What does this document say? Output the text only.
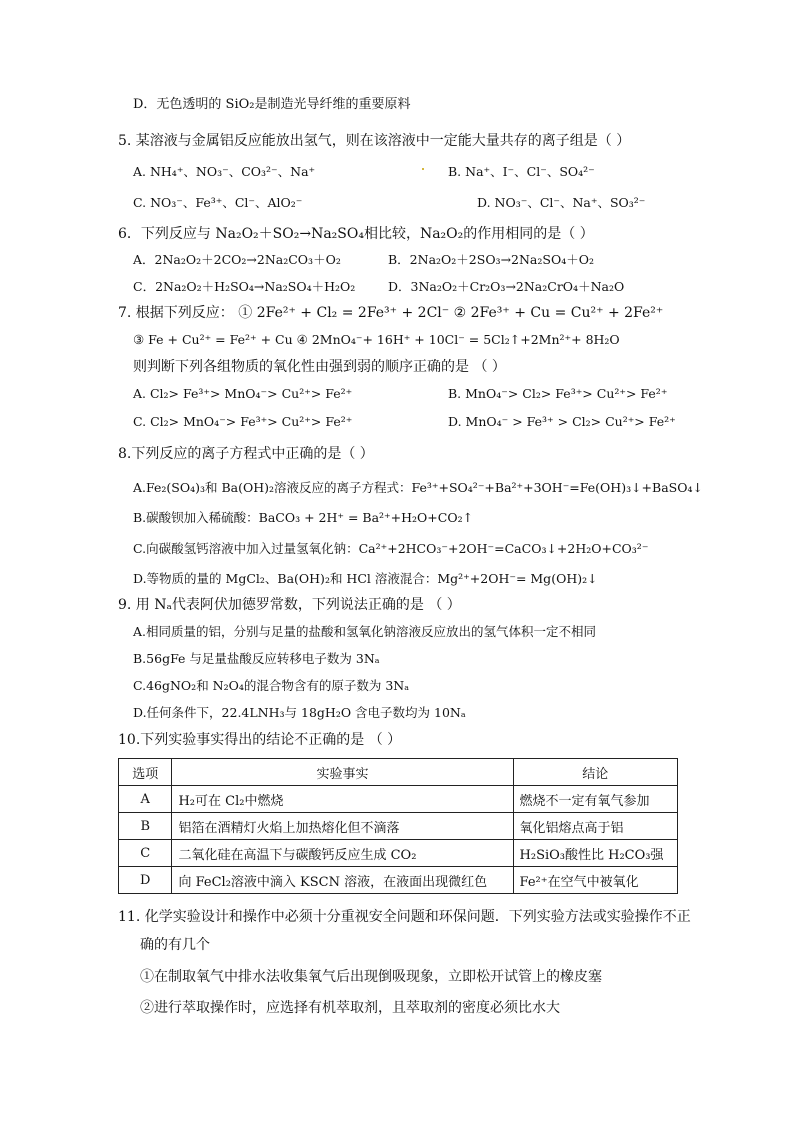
D．无色透明的 SiO₂是制造光导纤维的重要原料
5. 某溶液与金属铝反应能放出氢气，则在该溶液中一定能大量共存的离子组是（ ）
A. NH₄⁺、NO₃⁻、CO₃²⁻、Na⁺	B. Na⁺、I⁻、Cl⁻、SO₄²⁻
C. NO₃⁻、Fe³⁺、Cl⁻、AlO₂⁻	D. NO₃⁻、Cl⁻、Na⁺、SO₃²⁻
6．下列反应与 Na₂O₂＋SO₂→Na₂SO₄相比较，Na₂O₂的作用相同的是（ ）
A．2Na₂O₂＋2CO₂→2Na₂CO₃＋O₂	B．2Na₂O₂＋2SO₃→2Na₂SO₄＋O₂
C．2Na₂O₂＋H₂SO₄→Na₂SO₄＋H₂O₂	D．3Na₂O₂＋Cr₂O₃→2Na₂CrO₄＋Na₂O
7. 根据下列反应： ① 2Fe²⁺ + Cl₂ = 2Fe³⁺ + 2Cl⁻ ② 2Fe³⁺ + Cu = Cu²⁺ + 2Fe²⁺
③ Fe + Cu²⁺ = Fe²⁺ + Cu ④ 2MnO₄⁻+ 16H⁺ + 10Cl⁻ = 5Cl₂↑+2Mn²⁺+ 8H₂O
则判断下列各组物质的氧化性由强到弱的顺序正确的是 （ ）
A. Cl₂> Fe³⁺> MnO₄⁻> Cu²⁺> Fe²⁺	B. MnO₄⁻> Cl₂> Fe³⁺> Cu²⁺> Fe²⁺
C. Cl₂> MnO₄⁻> Fe³⁺> Cu²⁺> Fe²⁺	D. MnO₄⁻ > Fe³⁺ > Cl₂> Cu²⁺> Fe²⁺
8.下列反应的离子方程式中正确的是（ ）
A.Fe₂(SO₄)₃和 Ba(OH)₂溶液反应的离子方程式：Fe³⁺+SO₄²⁻+Ba²⁺+3OH⁻=Fe(OH)₃↓+BaSO₄↓
B.碳酸钡加入稀硫酸：BaCO₃ + 2H⁺ = Ba²⁺+H₂O+CO₂↑
C.向碳酸氢钙溶液中加入过量氢氧化钠：Ca²⁺+2HCO₃⁻+2OH⁻=CaCO₃↓+2H₂O+CO₃²⁻
D.等物质的量的 MgCl₂、Ba(OH)₂和 HCl 溶液混合：Mg²⁺+2OH⁻= Mg(OH)₂↓
9. 用 Nₐ代表阿伏加德罗常数，下列说法正确的是 （ ）
A.相同质量的铝，分别与足量的盐酸和氢氧化钠溶液反应放出的氢气体积一定不相同
B.56gFe 与足量盐酸反应转移电子数为 3Nₐ
C.46gNO₂和 N₂O₄的混合物含有的原子数为 3Nₐ
D.任何条件下，22.4LNH₃与 18gH₂O 含电子数均为 10Nₐ
10.下列实验事实得出的结论不正确的是 （ ）
选项	实验事实	结论
A	H₂可在 Cl₂中燃烧	燃烧不一定有氧气参加
B	铝箔在酒精灯火焰上加热熔化但不滴落	氧化铝熔点高于铝
C	二氧化硅在高温下与碳酸钙反应生成 CO₂	H₂SiO₃酸性比 H₂CO₃强
D	向 FeCl₂溶液中滴入 KSCN 溶液，在液面出现微红色	Fe²⁺在空气中被氧化
11. 化学实验设计和操作中必须十分重视安全问题和环保问题．下列实验方法或实验操作不正
确的有几个
①在制取氧气中排水法收集氧气后出现倒吸现象，立即松开试管上的橡皮塞
②进行萃取操作时，应选择有机萃取剂，且萃取剂的密度必须比水大
